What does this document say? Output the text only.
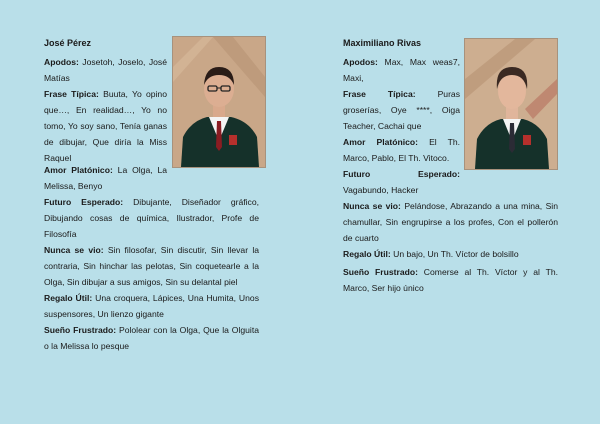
José Pérez

Apodos: Josetoh, Joselo, José Matías

Frase Típica: Buuta, Yo opino que…, En realidad…, Yo no tomo, Yo soy sano, Tenía ganas de dibujar, Que diría la Miss Raquel

Amor Platónico: La Olga, La Melissa, Benyo

Futuro Esperado: Dibujante, Diseñador gráfico, Dibujando cosas de química, Ilustrador, Profe de Filosofía

Nunca se vio: Sin filosofar, Sin discutir, Sin llevar la contraria, Sin hinchar las pelotas, Sin coquetearle a la Olga, Sin dibujar a sus amigos, Sin su delantal piel

Regalo Útil: Una croquera, Lápices, Una Humita, Unos suspensores, Un lienzo gigante

Sueño Frustrado: Pololear con la Olga, Que la Olguita o la Melissa lo pesque

Maximiliano Rivas

Apodos: Max, Max weas7, Maxi,

Frase Típica:	Puras groserías, Oye ****, Oiga Teacher, Cachai que

Amor Platónico: El Th. Marco, Pablo, El Th. Vitoco.

Futuro Esperado: Vagabundo, Hacker

Nunca se vio: Pelándose, Abrazando a una mina, Sin chamullar, Sin engrupirse a los profes, Con el pollerón de cuarto

Regalo Útil: Un bajo, Un Th. Víctor de bolsillo

Sueño Frustrado: Comerse al Th. Víctor y al Th. Marco, Ser hijo único
